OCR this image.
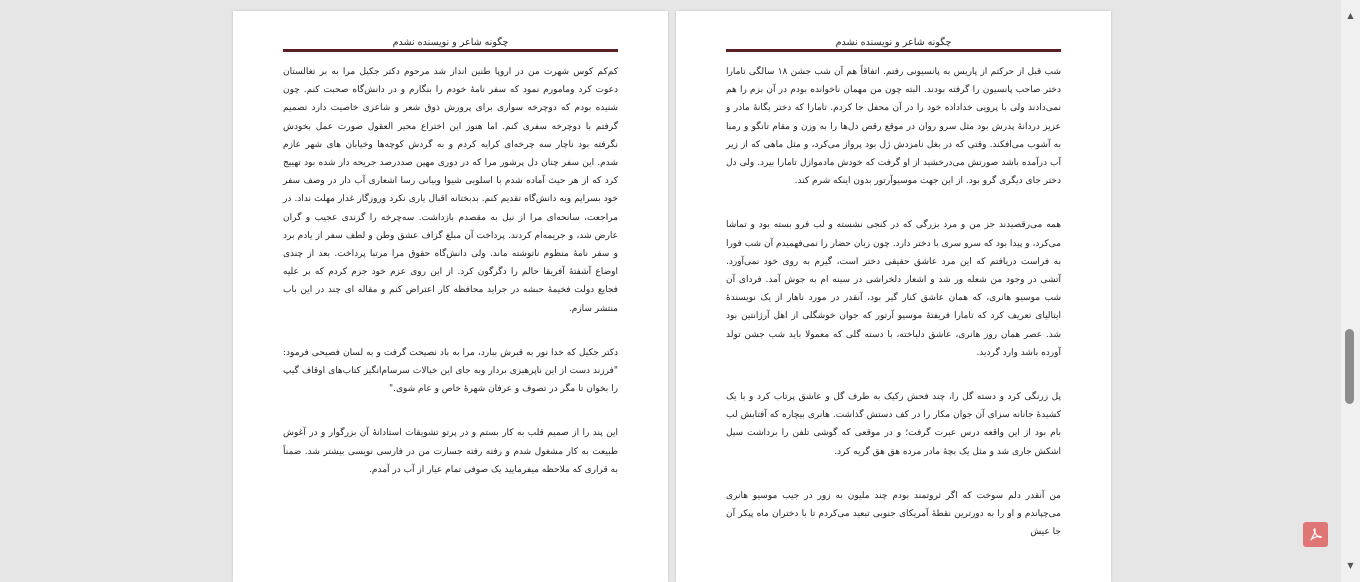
چگونه شاعر و نویسنده نشدم

کم‌کم کوس شهرت من در اروپا طنین انداز شد مرحوم دکتر جکیل مرا به بر تغالستان دعوت کرد ومامورم نمود که سفر نامهٔ خودم را بنگارم و در دانش‌گاه صحبت کنم. چون شنیده بودم که دوچرخه سواری برای پرورش ذوق شعر و شاعری خاصیت دارد تصمیم گرفتم با دوچرخه سفری کنم. اما هنوز این اختراع محیر العقول صورت عمل بخودش نگرفته بود ناچار سه چرخه‌ای کرایه کردم و به گردش کوچه‌ها وخیابان های شهر عازم شدم. این سفر چنان دل پرشور مرا که در دوری مهین صددرصد جریحه دار شده بود تهییج کرد که از هر حیث آماده شدم با اسلوبی شیوا وبیانی رسا اشعاری آب دار در وصف سفر خود بسرایم وبه دانش‌گاه تقدیم کنم. بدبختانه اقبال یاری نکرد وروزگار غدار مهلت نداد. در مراجعت، سانحه‌ای مرا از نیل به مقصدم بازداشت. سه‌چرخه را گزندی عجیب و گران عارض شد، و جریمه‌ام کردند. پرداخت آن مبلغ گزاف عشق وطن و لطف سفر از یادم برد و سفر نامهٔ منظوم ناتوشته ماند. ولی دانش‌گاه حقوق مرا مرتبا پرداخت. بعد از چندی اوضاع آشفتهٔ آفریقا حالم را دگرگون کرد. از این روی عزم خود جزم کردم که بر علیه فجایع دولت فخیمهٔ حبشه در جراید محافظه کار اعتراض کنم و مقاله ای چند در این باب منتشر سازم.

دکتر جکیل که خدا نور به قبرش ببارد، مرا به باد نصیحت گرفت و به لسان فصیحی فرمود: "فرزند دست از این ناپرهیزی بردار وبه جای این خیالات سرسام‌انگیز کتاب‌های اوقاف گیپ را بخوان تا مگر در تصوف و عرفان شهرهٔ خاص و عام شوی."

این پند را از صمیم قلب به کار بستم و در پرتو تشویقات استادانهٔ آن بزرگوار و در آغوش طبیعت به کار مشغول شدم و رفته رفته جسارت من در فارسی نویسی بیشتر شد. ضمناً به قراری که ملاحظه میفرمایید یک صوفی تمام عیار از آب در آمدم.

چگونه شاعر و نویسنده نشدم

شب قبل از حرکتم از پاریس به پانسیونی رفتم. اتفاقاً هم آن شب جشن ۱۸ سالگی تامارا دختر صاحب پانسیون را گرفته بودند. البته چون من مهمان ناخوانده بودم در آن بزم را هم نمی‌دادند ولی با پرویی خداداده خود را در آن محفل جا کردم. تامارا که دختر یگانهٔ مادر و عزیز دردانهٔ پدرش بود مثل سرو روان در موقع رقص دل‌ها را به وزن و مقام تانگو و رمبا به آشوب می‌افکند. وقتی که در بغل نامزدش ژل بود پرواز می‌کرد، و مثل ماهی که از زیر آب درآمده باشد صورتش می‌درخشید از او گرفت که خودش مادموازل تامارا بیرد. ولی دل دختر جای دیگری گرو بود. از این جهت موسیوآرتور بدون اینکه شرم کند.

همه می‌رقصیدند جز من و مرد بزرگی که در کنجی نشسته و لب فرو بسته بود و تماشا می‌کرد، و پیدا بود که سرو سری با دختر دارد. چون زبان حضار را نمی‌فهمیدم آن شب فورا به فراست دریافتم که این مرد عاشق حقیقی دختر است، گیرم به روی خود نمی‌آورد. آتشی در وجود من شعله ور شد و اشعار دلخراشی در سینه ام به جوش آمد. فردای آن شب موسیو هانری، که همان عاشق کنار گیر بود، آنقدر در مورد ناهار از یک نویسندهٔ ایتالیای تعریف کرد که تامارا فریفتهٔ موسیو آرتور که جوان خوشگلی از اهل آرژانتین بود شد. عصر همان روز هانری، عاشق دلباخته، با دسته گلی که معمولا باید شب جشن تولد آورده باشد وارد گردید.

پل زرنگی کرد و دسته گل را، چند فحش رکیک به طرف گل و عاشق پرتاب کرد و با یک کشیدهٔ جانانه سزای آن جوان مکار را در کف دستش گذاشت. هانری بیچاره که آفتابش لب بام بود از این واقعه درس عبرت گرفت؛ و در موقعی که گوشی تلفن را برداشت سیل اشکش جاری شد و مثل یک بچهٔ مادر مرده هق هق گریه کرد.

من آنقدر دلم سوخت که اگر ثروتمند بودم چند ملیون به زور در جیب موسیو هانری می‌چپاندم و او را به دورترین نقطهٔ آمریکای جنوبی تبعید می‌کردم تا با دختران ماه پیکر آن جا عیش

▲
▼
